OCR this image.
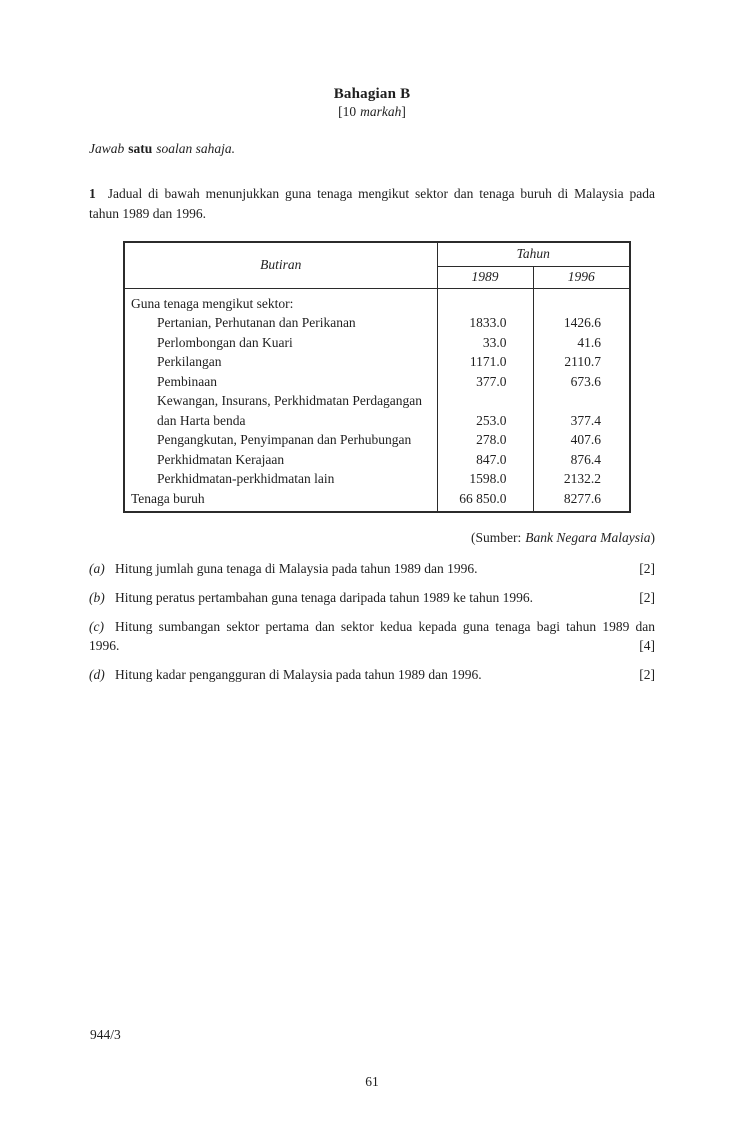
Bahagian B
[10 markah]
Jawab satu soalan sahaja.
1 Jadual di bawah menunjukkan guna tenaga mengikut sektor dan tenaga buruh di Malaysia pada
tahun 1989 dan 1996.
Butiran	Tahun	
	1989	1996
Guna tenaga mengikut sektor:		
Pertanian, Perhutanan dan Perikanan	1833.0	1426.6
Perlombongan dan Kuari	33.0	41.6
Perkilangan	1171.0	2110.7
Pembinaan	377.0	673.6
Kewangan, Insurans, Perkhidmatan Perdagangan dan Harta benda	253.0	377.4
Pengangkutan, Penyimpanan dan Perhubungan	278.0	407.6
Perkhidmatan Kerajaan	847.0	876.4
Perkhidmatan-perkhidmatan lain	1598.0	2132.2
Tenaga buruh	66 850.0	8277.6
(Sumber: Bank Negara Malaysia)
(a) Hitung jumlah guna tenaga di Malaysia pada tahun 1989 dan 1996.	[2]
(b) Hitung peratus pertambahan guna tenaga daripada tahun 1989 ke tahun 1996.	[2]
(c) Hitung sumbangan sektor pertama dan sektor kedua kepada guna tenaga bagi tahun 1989 dan
1996.	[4]
(d) Hitung kadar pengangguran di Malaysia pada tahun 1989 dan 1996.	[2]
944/3
61
